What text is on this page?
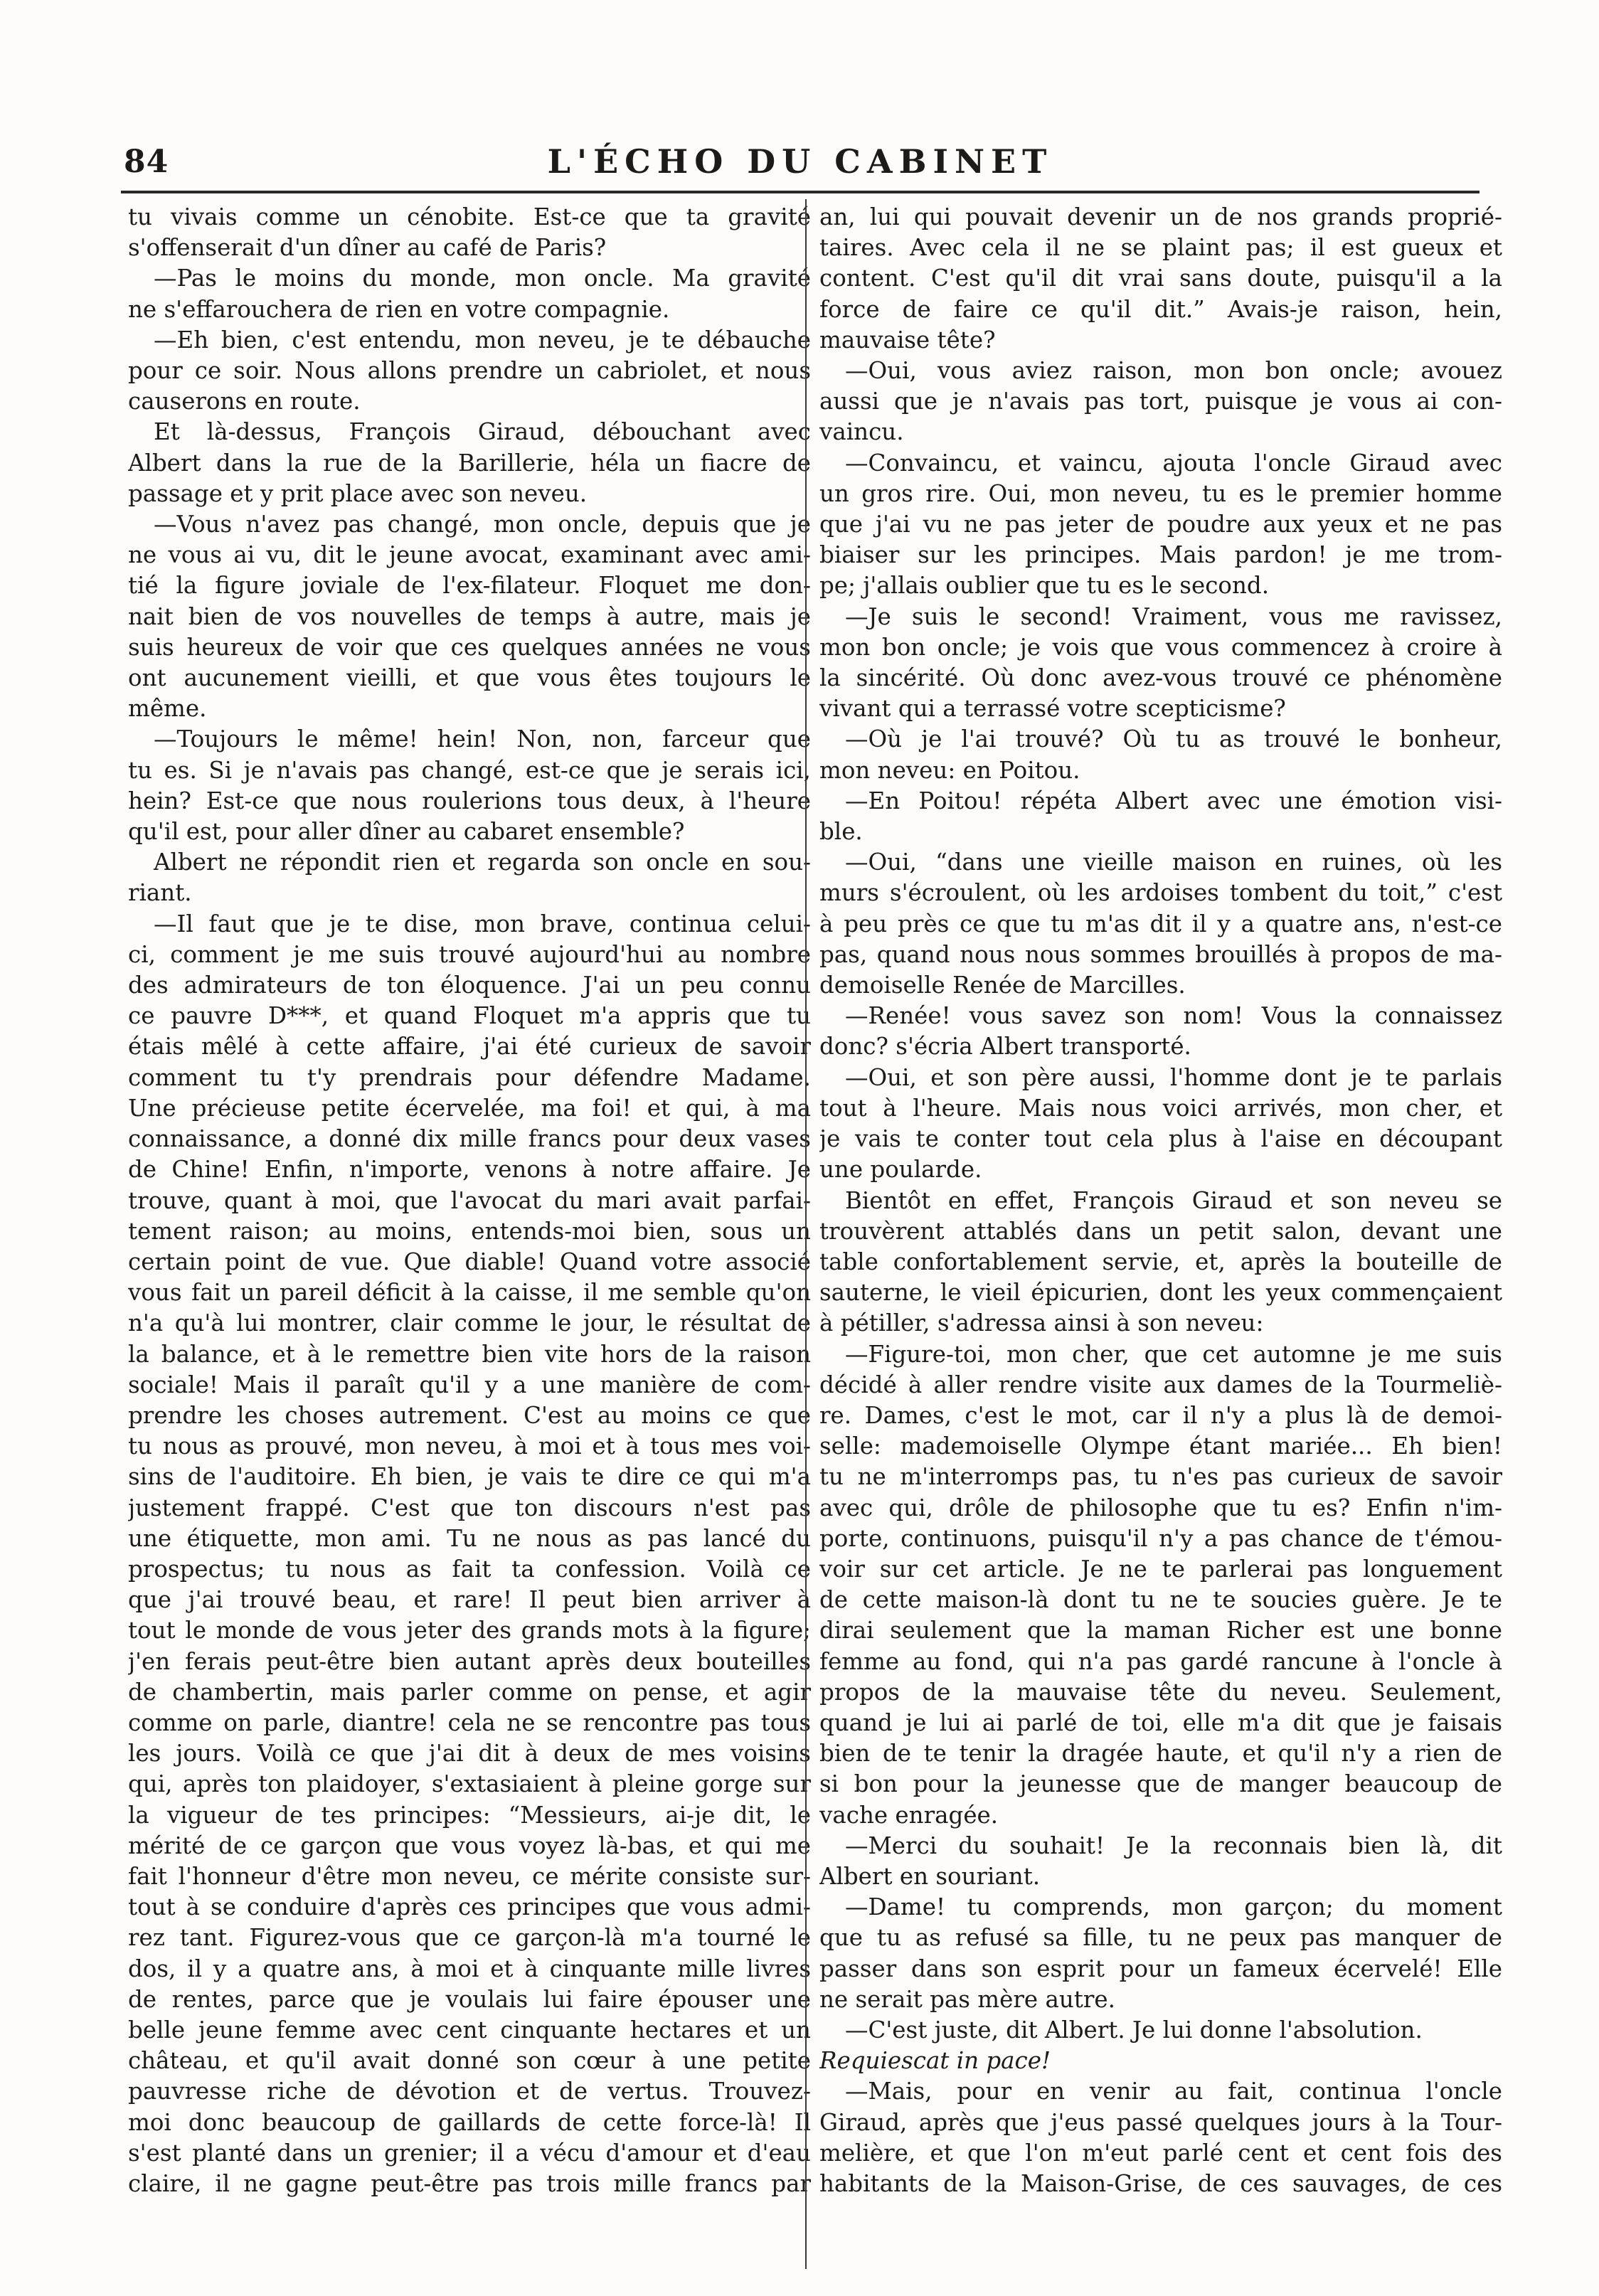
84	L'ÉCHO DU CABINET
tu vivais comme un cénobite. Est-ce que ta gravité
s'offenserait d'un dîner au café de Paris?
—Pas le moins du monde, mon oncle. Ma gravité
ne s'effaroucherа de rien en votre compagnie.
—Eh bien, c'est entendu, mon neveu, je te débauche
pour ce soir. Nous allons prendre un cabriolet, et nous
causerons en route.
Et là-dessus, François Giraud, débouchant avec
Albert dans la rue de la Barillerie, héla un fiacre de
passage et y prit place avec son neveu.
—Vous n'avez pas changé, mon oncle, depuis que je
ne vous ai vu, dit le jeune avocat, examinant avec ami-
tié la figure joviale de l'ex-filateur. Floquet me don-
nait bien de vos nouvelles de temps à autre, mais je
suis heureux de voir que ces quelques années ne vous
ont aucunement vieilli, et que vous êtes toujours le
même.
—Toujours le même! hein! Non, non, farceur que
tu es. Si je n'avais pas changé, est-ce que je serais ici,
hein? Est-ce que nous roulerions tous deux, à l'heure
qu'il est, pour aller dîner au cabaret ensemble?
Albert ne répondit rien et regarda son oncle en sou-
riant.
—Il faut que je te dise, mon brave, continua celui-
ci, comment je me suis trouvé aujourd'hui au nombre
des admirateurs de ton éloquence. J'ai un peu connu
ce pauvre D***, et quand Floquet m'a appris que tu
étais mêlé à cette affaire, j'ai été curieux de savoir
comment tu t'y prendrais pour défendre Madame.
Une précieuse petite écervelée, ma foi! et qui, à ma
connaissance, a donné dix mille francs pour deux vases
de Chine! Enfin, n'importe, venons à notre affaire. Je
trouve, quant à moi, que l'avocat du mari avait parfai-
tement raison; au moins, entends-moi bien, sous un
certain point de vue. Que diable! Quand votre associé
vous fait un pareil déficit à la caisse, il me semble qu'on
n'a qu'à lui montrer, clair comme le jour, le résultat de
la balance, et à le remettre bien vite hors de la raison
sociale! Mais il paraît qu'il y a une manière de com-
prendre les choses autrement. C'est au moins ce que
tu nous as prouvé, mon neveu, à moi et à tous mes voi-
sins de l'auditoire. Eh bien, je vais te dire ce qui m'a
justement frappé. C'est que ton discours n'est pas
une étiquette, mon ami. Tu ne nous as pas lancé du
prospectus; tu nous as fait ta confession. Voilà ce
que j'ai trouvé beau, et rare! Il peut bien arriver à
tout le monde de vous jeter des grands mots à la figure;
j'en ferais peut-être bien autant après deux bouteilles
de chambertin, mais parler comme on pense, et agir
comme on parle, diantre! cela ne se rencontre pas tous
les jours. Voilà ce que j'ai dit à deux de mes voisins
qui, après ton plaidoyer, s'extasiaient à pleine gorge sur
la vigueur de tes principes: “Messieurs, ai-je dit, le
mérité de ce garçon que vous voyez là-bas, et qui me
fait l'honneur d'être mon neveu, ce mérite consiste sur-
tout à se conduire d'après ces principes que vous admi-
rez tant. Figurez-vous que ce garçon-là m'a tourné le
dos, il y a quatre ans, à moi et à cinquante mille livres
de rentes, parce que je voulais lui faire épouser une
belle jeune femme avec cent cinquante hectares et un
château, et qu'il avait donné son cœur à une petite
pauvresse riche de dévotion et de vertus. Trouvez-
moi donc beaucoup de gaillards de cette force-là! Il
s'est planté dans un grenier; il a vécu d'amour et d'eau
claire, il ne gagne peut-être pas trois mille francs par
an, lui qui pouvait devenir un de nos grands proprié-
taires. Avec cela il ne se plaint pas; il est gueux et
content. C'est qu'il dit vrai sans doute, puisqu'il a la
force de faire ce qu'il dit.” Avais-je raison, hein,
mauvaise tête?
—Oui, vous aviez raison, mon bon oncle; avouez
aussi que je n'avais pas tort, puisque je vous ai con-
vaincu.
—Convaincu, et vaincu, ajouta l'oncle Giraud avec
un gros rire. Oui, mon neveu, tu es le premier homme
que j'ai vu ne pas jeter de poudre aux yeux et ne pas
biaiser sur les principes. Mais pardon! je me trom-
pe; j'allais oublier que tu es le second.
—Je suis le second! Vraiment, vous me ravissez,
mon bon oncle; je vois que vous commencez à croire à
la sincérité. Où donc avez-vous trouvé ce phénomène
vivant qui a terrassé votre scepticisme?
—Où je l'ai trouvé? Où tu as trouvé le bonheur,
mon neveu: en Poitou.
—En Poitou! répéta Albert avec une émotion visi-
ble.
—Oui, “dans une vieille maison en ruines, où les
murs s'écroulent, où les ardoises tombent du toit,” c'est
à peu près ce que tu m'as dit il y a quatre ans, n'est-ce
pas, quand nous nous sommes brouillés à propos de ma-
demoiselle Renée de Marcilles.
—Renée! vous savez son nom! Vous la connaissez
donc? s'écria Albert transporté.
—Oui, et son père aussi, l'homme dont je te parlais
tout à l'heure. Mais nous voici arrivés, mon cher, et
je vais te conter tout cela plus à l'aise en découpant
une poularde.
Bientôt en effet, François Giraud et son neveu se
trouvèrent attablés dans un petit salon, devant une
table confortablement servie, et, après la bouteille de
sauterne, le vieil épicurien, dont les yeux commençaient
à pétiller, s'adressa ainsi à son neveu:
—Figure-toi, mon cher, que cet automne je me suis
décidé à aller rendre visite aux dames de la Tourmeliè-
re. Dames, c'est le mot, car il n'y a plus là de demoi-
selle: mademoiselle Olympe étant mariée... Eh bien!
tu ne m'interromps pas, tu n'es pas curieux de savoir
avec qui, drôle de philosophe que tu es? Enfin n'im-
porte, continuons, puisqu'il n'y a pas chance de t'émou-
voir sur cet article. Je ne te parlerai pas longuement
de cette maison-là dont tu ne te soucies guère. Je te
dirai seulement que la maman Richer est une bonne
femme au fond, qui n'a pas gardé rancune à l'oncle à
propos de la mauvaise tête du neveu. Seulement,
quand je lui ai parlé de toi, elle m'a dit que je faisais
bien de te tenir la dragée haute, et qu'il n'y a rien de
si bon pour la jeunesse que de manger beaucoup de
vache enragée.
—Merci du souhait! Je la reconnais bien là, dit
Albert en souriant.
—Dame! tu comprends, mon garçon; du moment
que tu as refusé sa fille, tu ne peux pas manquer de
passer dans son esprit pour un fameux écervelé! Elle
ne serait pas mère autre.
—C'est juste, dit Albert. Je lui donne l'absolution.
Requiescat in pace!
—Mais, pour en venir au fait, continua l'oncle
Giraud, après que j'eus passé quelques jours à la Tour-
melière, et que l'on m'eut parlé cent et cent fois des
habitants de la Maison-Grise, de ces sauvages, de ces
